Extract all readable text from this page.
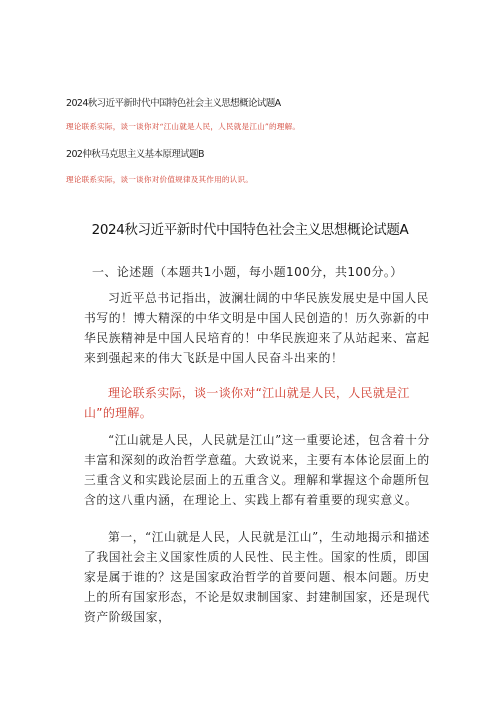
2024秋习近平新时代中国特色社会主义思想概论试题A
理论联系实际，谈一谈你对“江山就是人民，人民就是江山”的理解。
202仲秋马克思主义基本原理试题B
理论联系实际，谈一谈你对价值规律及其作用的认识。
2024秋习近平新时代中国特色社会主义思想概论试题A
一、论述题（本题共1小题，每小题100分，共100分。）
习近平总书记指出，波澜壮阔的中华民族发展史是中国人民书写的！博大精深的中华文明是中国人民创造的！历久弥新的中华民族精神是中国人民培育的！中华民族迎来了从站起来、富起来到强起来的伟大飞跃是中国人民奋斗出来的！
理论联系实际，谈一谈你对“江山就是人民，人民就是江山”的理解。
“江山就是人民，人民就是江山”这一重要论述，包含着十分丰富和深刻的政治哲学意蕴。大致说来，主要有本体论层面上的三重含义和实践论层面上的五重含义。理解和掌握这个命题所包含的这八重内涵，在理论上、实践上都有着重要的现实意义。
第一，“江山就是人民，人民就是江山”，生动地揭示和描述了我国社会主义国家性质的人民性、民主性。国家的性质，即国家是属于谁的？这是国家政治哲学的首要问题、根本问题。历史上的所有国家形态，不论是奴隶制国家、封建制国家，还是现代资产阶级国家，
